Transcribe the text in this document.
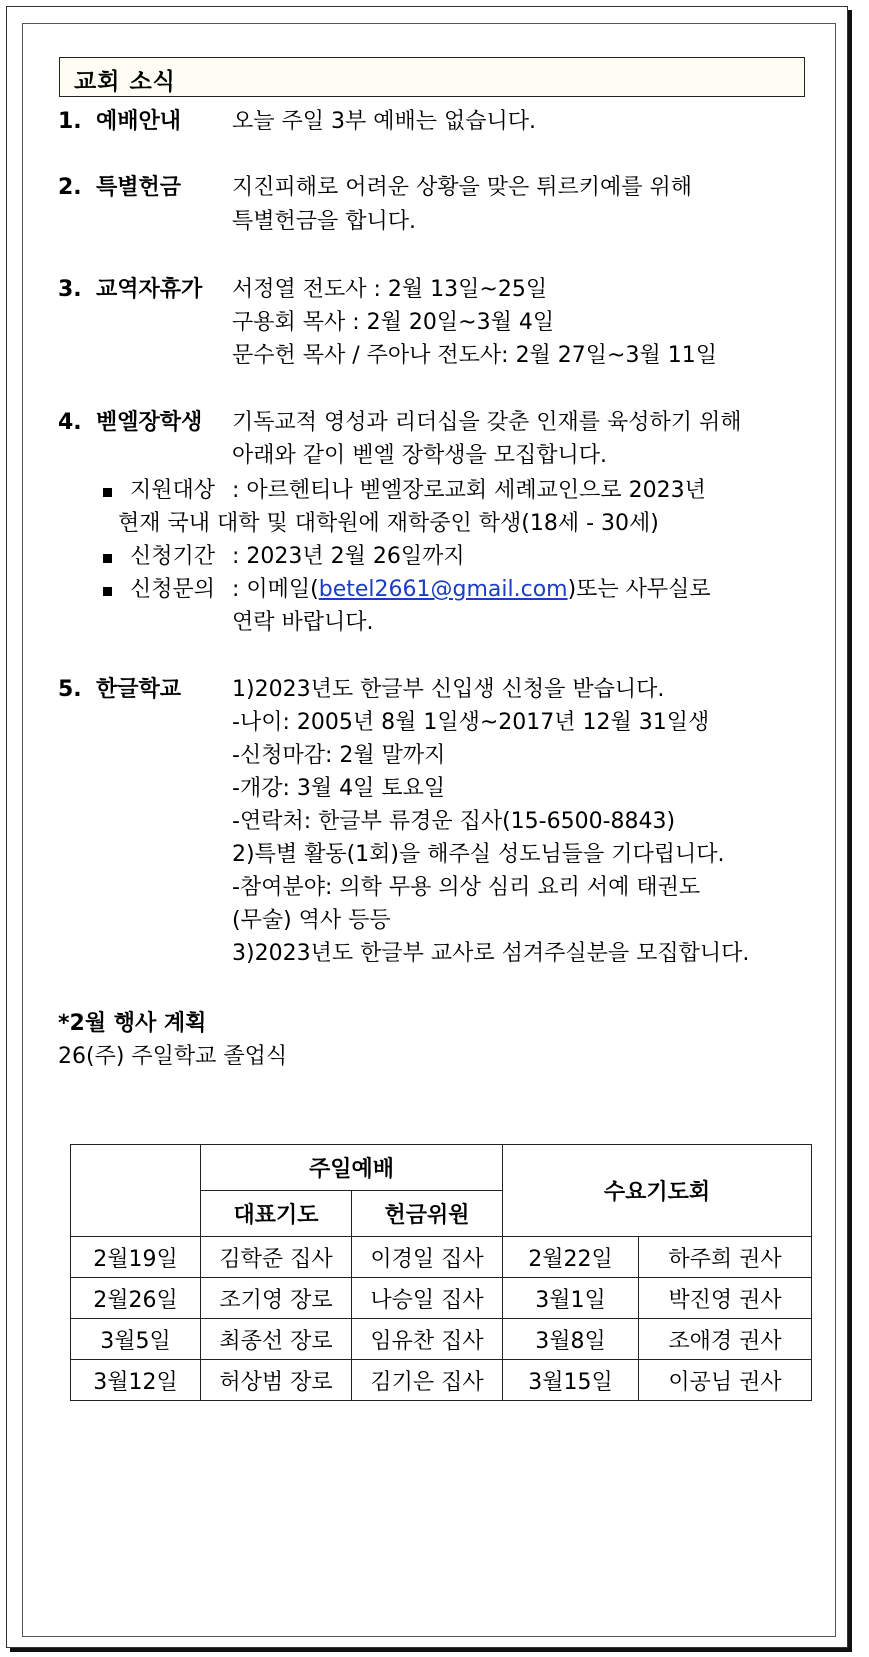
교회 소식
1. 예배안내 오늘 주일 3부 예배는 없습니다.
2. 특별헌금 지진피해로 어려운 상황을 맞은 튀르키예를 위해
특별헌금을 합니다.
3. 교역자휴가 서정열 전도사 : 2월 13일~25일
구용회 목사 : 2월 20일~3월 4일
문수헌 목사 / 주아나 전도사: 2월 27일~3월 11일
4. 벧엘장학생 기독교적 영성과 리더십을 갖춘 인재를 육성하기 위해
아래와 같이 벧엘 장학생을 모집합니다.
지원대상 : 아르헨티나 벧엘장로교회 세례교인으로 2023년
현재 국내 대학 및 대학원에 재학중인 학생(18세 - 30세)
신청기간 : 2023년 2월 26일까지
신청문의 : 이메일(betel2661@gmail.com)또는 사무실로
연락 바랍니다.
5. 한글학교 1)2023년도 한글부 신입생 신청을 받습니다.
-나이: 2005년 8월 1일생~2017년 12월 31일생
-신청마감: 2월 말까지
-개강: 3월 4일 토요일
-연락처: 한글부 류경운 집사(15-6500-8843)
2)특별 활동(1회)을 해주실 성도님들을 기다립니다.
-참여분야: 의학 무용 의상 심리 요리 서예 태권도
(무술) 역사 등등
3)2023년도 한글부 교사로 섬겨주실분을 모집합니다.
*2월 행사 계획
26(주) 주일학교 졸업식
	주일예배		수요기도회	
	대표기도	헌금위원		
2월19일	김학준 집사	이경일 집사	2월22일	하주희 권사
2월26일	조기영 장로	나승일 집사	3월1일	박진영 권사
3월5일	최종선 장로	임유찬 집사	3월8일	조애경 권사
3월12일	허상범 장로	김기은 집사	3월15일	이공님 권사
